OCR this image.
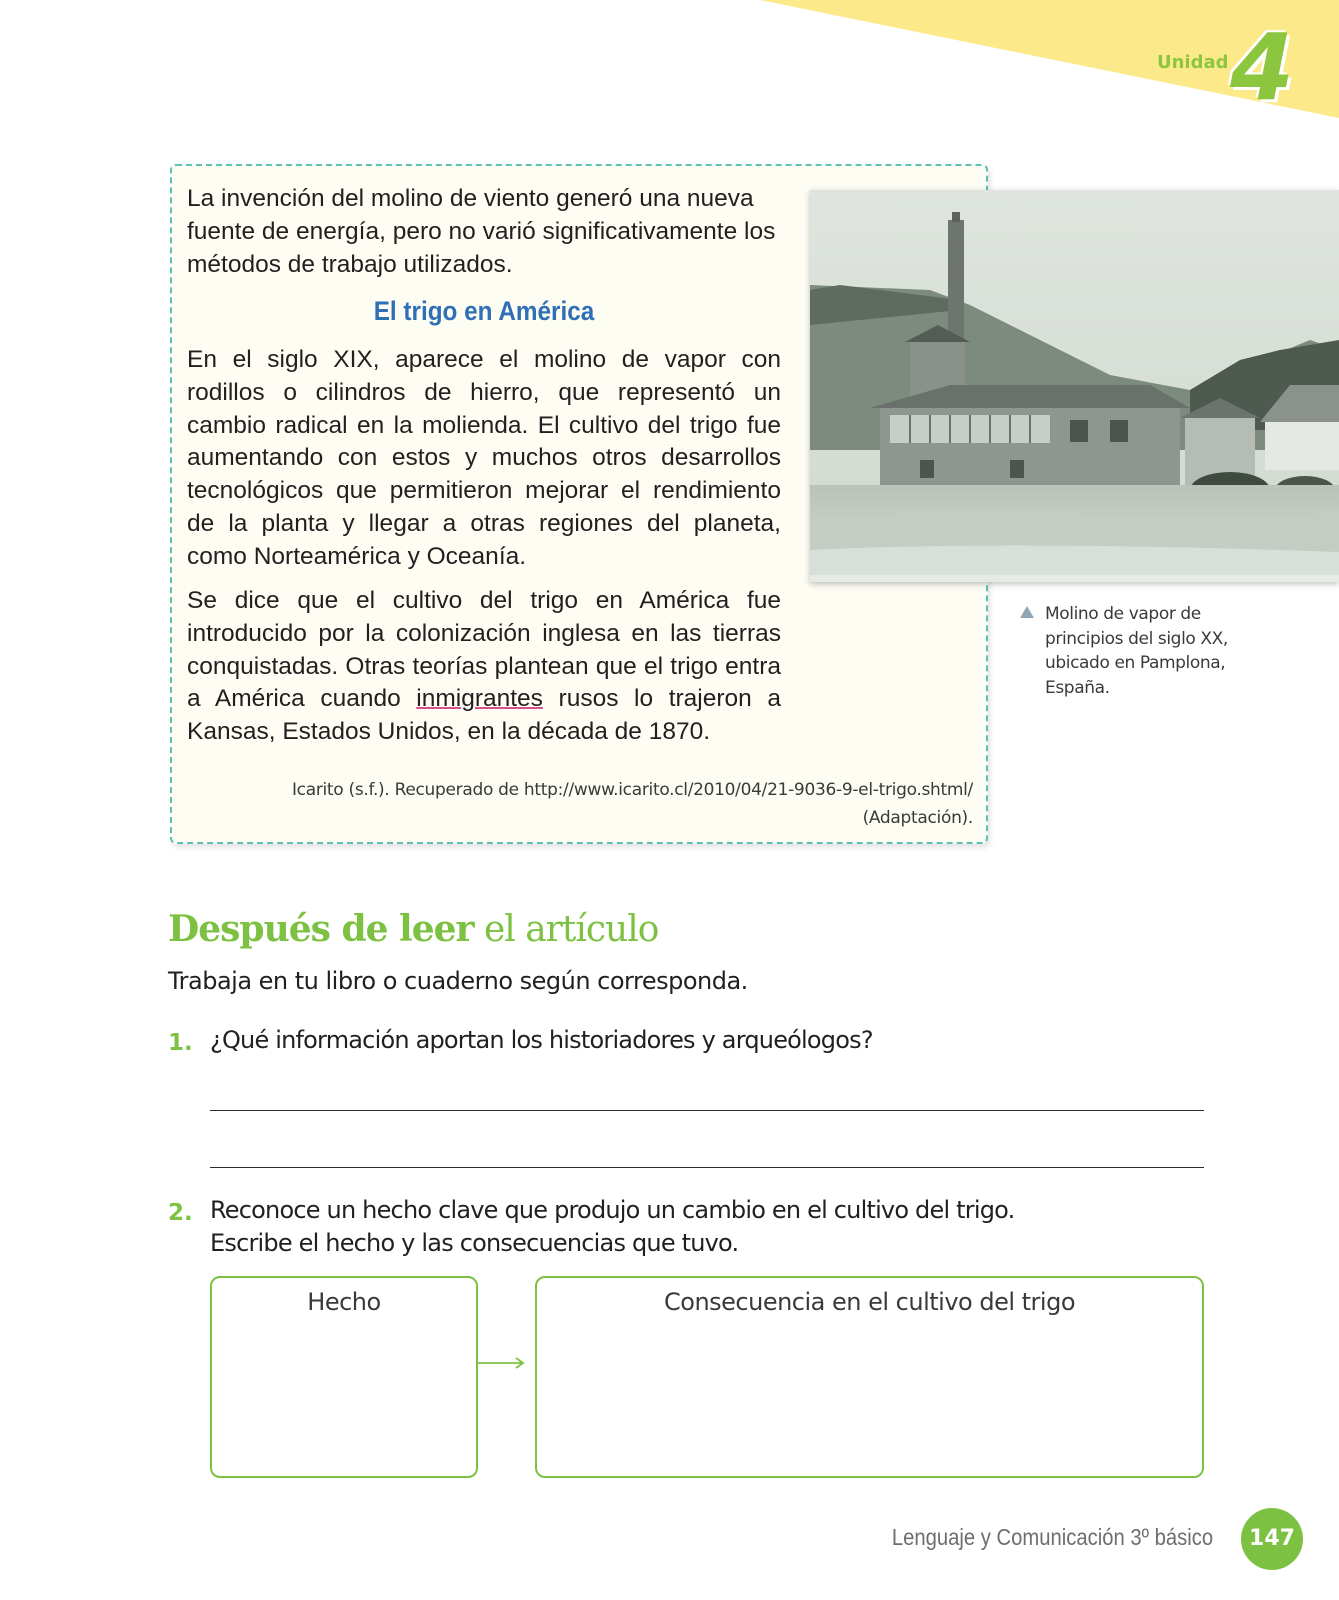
Unidad 4

La invención del molino de viento generó una nueva fuente de energía, pero no varió significativamente los métodos de trabajo utilizados.

El trigo en América

En el siglo XIX, aparece el molino de vapor con rodillos o cilindros de hierro, que representó un cambio radical en la molienda. El cultivo del trigo fue aumentando con estos y muchos otros desarrollos tecnológicos que permitieron mejorar el rendimiento de la planta y llegar a otras regiones del planeta, como Norteamérica y Oceanía.

Se dice que el cultivo del trigo en América fue introducido por la colonización inglesa en las tierras conquistadas. Otras teorías plantean que el trigo entra a América cuando inmigrantes rusos lo trajeron a Kansas, Estados Unidos, en la década de 1870.

Icarito (s.f.). Recuperado de http://www.icarito.cl/2010/04/21-9036-9-el-trigo.shtml/
(Adaptación).
Molino de vapor de principios del siglo XX, ubicado en Pamplona, España.
Después de leer el artículo
Trabaja en tu libro o cuaderno según corresponda.
1. ¿Qué información aportan los historiadores y arqueólogos?
2. Reconoce un hecho clave que produjo un cambio en el cultivo del trigo.
Escribe el hecho y las consecuencias que tuvo.
Hecho	Consecuencia en el cultivo del trigo
Lenguaje y Comunicación 3º básico	147
